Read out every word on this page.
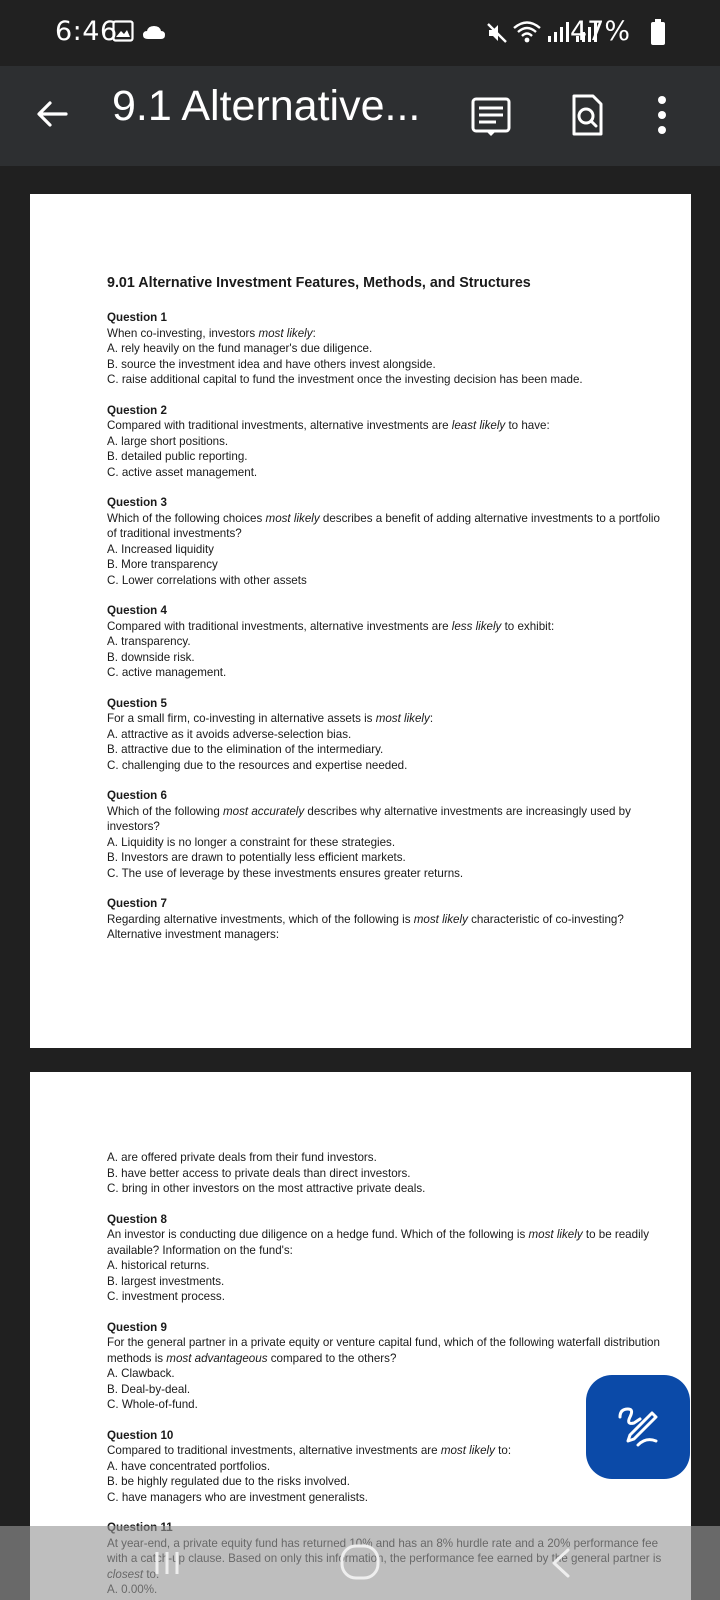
6:46	47%
9.1 Alternative...
9.01 Alternative Investment Features, Methods, and Structures
Question 1
When co-investing, investors most likely:
A. rely heavily on the fund manager's due diligence.
B. source the investment idea and have others invest alongside.
C. raise additional capital to fund the investment once the investing decision has been made.
Question 2
Compared with traditional investments, alternative investments are least likely to have:
A. large short positions.
B. detailed public reporting.
C. active asset management.
Question 3
Which of the following choices most likely describes a benefit of adding alternative investments to a portfolio of traditional investments?
A. Increased liquidity
B. More transparency
C. Lower correlations with other assets
Question 4
Compared with traditional investments, alternative investments are less likely to exhibit:
A. transparency.
B. downside risk.
C. active management.
Question 5
For a small firm, co-investing in alternative assets is most likely:
A. attractive as it avoids adverse-selection bias.
B. attractive due to the elimination of the intermediary.
C. challenging due to the resources and expertise needed.
Question 6
Which of the following most accurately describes why alternative investments are increasingly used by investors?
A. Liquidity is no longer a constraint for these strategies.
B. Investors are drawn to potentially less efficient markets.
C. The use of leverage by these investments ensures greater returns.
Question 7
Regarding alternative investments, which of the following is most likely characteristic of co-investing? Alternative investment managers:
A. are offered private deals from their fund investors.
B. have better access to private deals than direct investors.
C. bring in other investors on the most attractive private deals.
Question 8
An investor is conducting due diligence on a hedge fund. Which of the following is most likely to be readily available? Information on the fund's:
A. historical returns.
B. largest investments.
C. investment process.
Question 9
For the general partner in a private equity or venture capital fund, which of the following waterfall distribution methods is most advantageous compared to the others?
A. Clawback.
B. Deal-by-deal.
C. Whole-of-fund.
Question 10
Compared to traditional investments, alternative investments are most likely to:
A. have concentrated portfolios.
B. be highly regulated due to the risks involved.
C. have managers who are investment generalists.
